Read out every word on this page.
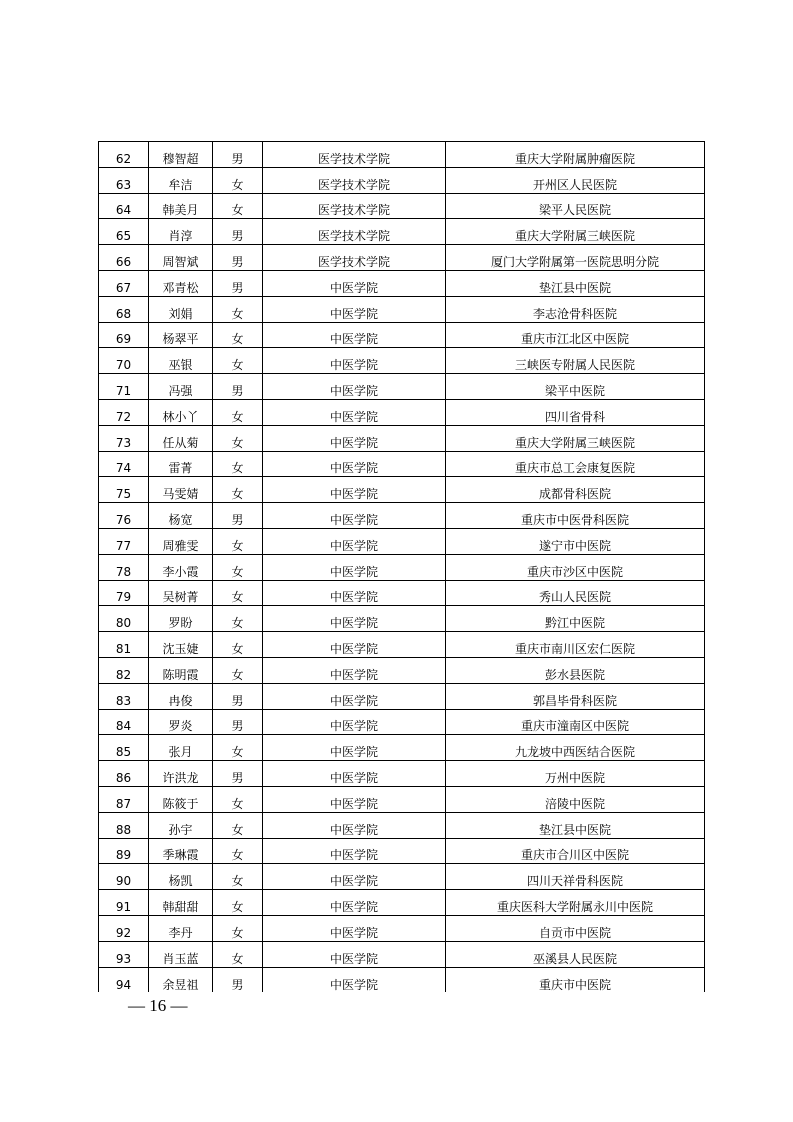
62	穆智超	男	医学技术学院	重庆大学附属肿瘤医院
63	牟洁	女	医学技术学院	开州区人民医院
64	韩美月	女	医学技术学院	梁平人民医院
65	肖淳	男	医学技术学院	重庆大学附属三峡医院
66	周智斌	男	医学技术学院	厦门大学附属第一医院思明分院
67	邓青松	男	中医学院	垫江县中医院
68	刘娟	女	中医学院	李志沧骨科医院
69	杨翠平	女	中医学院	重庆市江北区中医院
70	巫银	女	中医学院	三峡医专附属人民医院
71	冯强	男	中医学院	梁平中医院
72	林小丫	女	中医学院	四川省骨科
73	任从菊	女	中医学院	重庆大学附属三峡医院
74	雷菁	女	中医学院	重庆市总工会康复医院
75	马雯婧	女	中医学院	成都骨科医院
76	杨宽	男	中医学院	重庆市中医骨科医院
77	周雅雯	女	中医学院	遂宁市中医院
78	李小霞	女	中医学院	重庆市沙区中医院
79	吴树菁	女	中医学院	秀山人民医院
80	罗盼	女	中医学院	黔江中医院
81	沈玉婕	女	中医学院	重庆市南川区宏仁医院
82	陈明霞	女	中医学院	彭水县医院
83	冉俊	男	中医学院	郭昌毕骨科医院
84	罗炎	男	中医学院	重庆市潼南区中医院
85	张月	女	中医学院	九龙坡中西医结合医院
86	许洪龙	男	中医学院	万州中医院
87	陈筱于	女	中医学院	涪陵中医院
88	孙宇	女	中医学院	垫江县中医院
89	季琳霞	女	中医学院	重庆市合川区中医院
90	杨凯	女	中医学院	四川天祥骨科医院
91	韩甜甜	女	中医学院	重庆医科大学附属永川中医院
92	李丹	女	中医学院	自贡市中医院
93	肖玉蓝	女	中医学院	巫溪县人民医院
94	余昱祖	男	中医学院	重庆市中医院
— 16 —
